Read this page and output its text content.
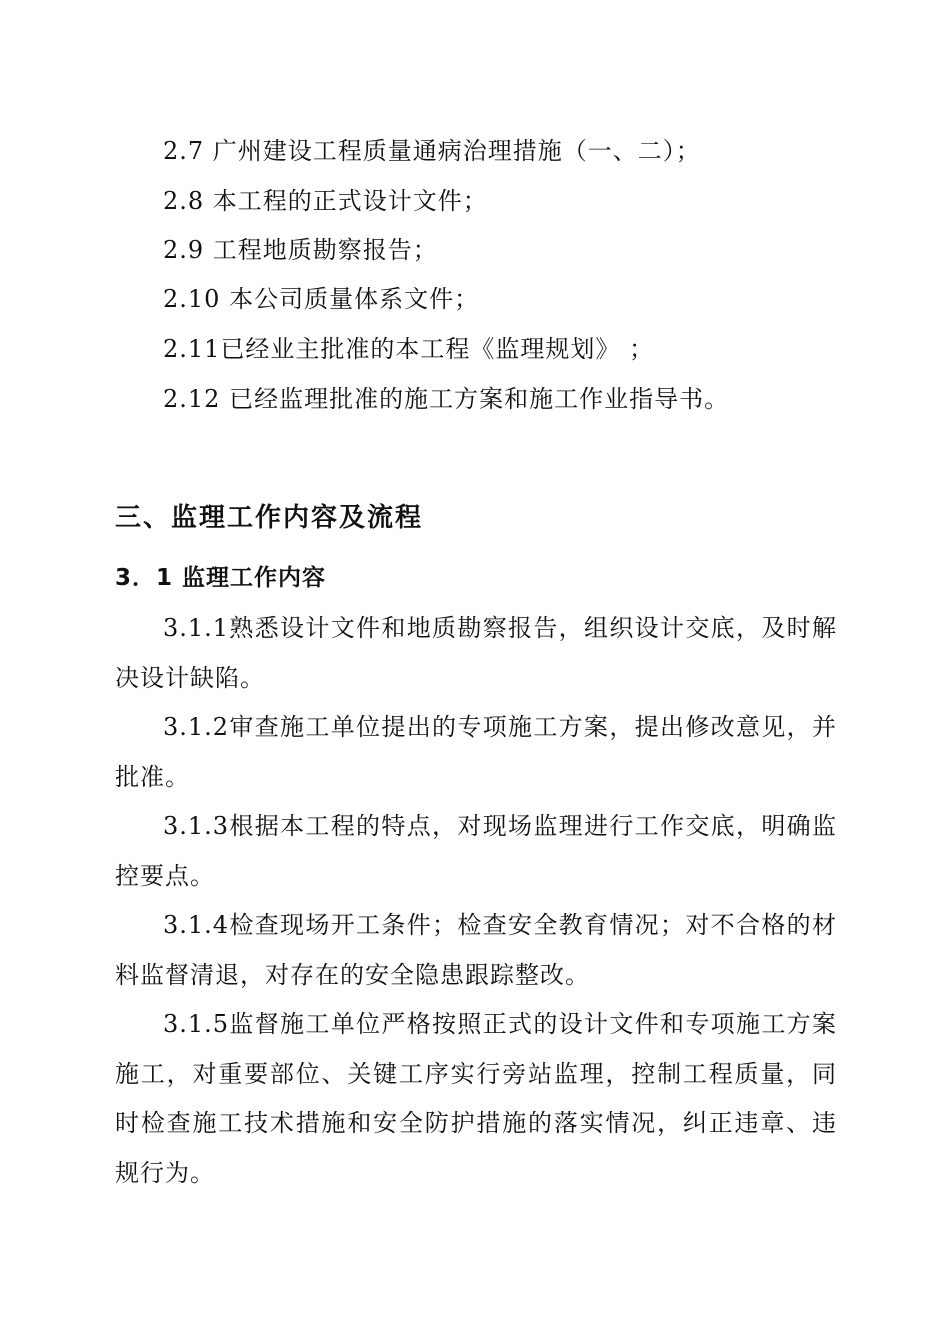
2.7 广州建设工程质量通病治理措施（一、二）；
2.8 本工程的正式设计文件；
2.9 工程地质勘察报告；
2.10 本公司质量体系文件；
2.11已经业主批准的本工程《监理规划》 ；
2.12 已经监理批准的施工方案和施工作业指导书。
三、监理工作内容及流程
3．1 监理工作内容
3.1.1熟悉设计文件和地质勘察报告，组织设计交底，及时解决设计缺陷。
3.1.2审查施工单位提出的专项施工方案，提出修改意见，并批准。
3.1.3根据本工程的特点，对现场监理进行工作交底，明确监控要点。
3.1.4检查现场开工条件；检查安全教育情况；对不合格的材料监督清退，对存在的安全隐患跟踪整改。
3.1.5监督施工单位严格按照正式的设计文件和专项施工方案施工，对重要部位、关键工序实行旁站监理，控制工程质量，同时检查施工技术措施和安全防护措施的落实情况，纠正违章、违规行为。
